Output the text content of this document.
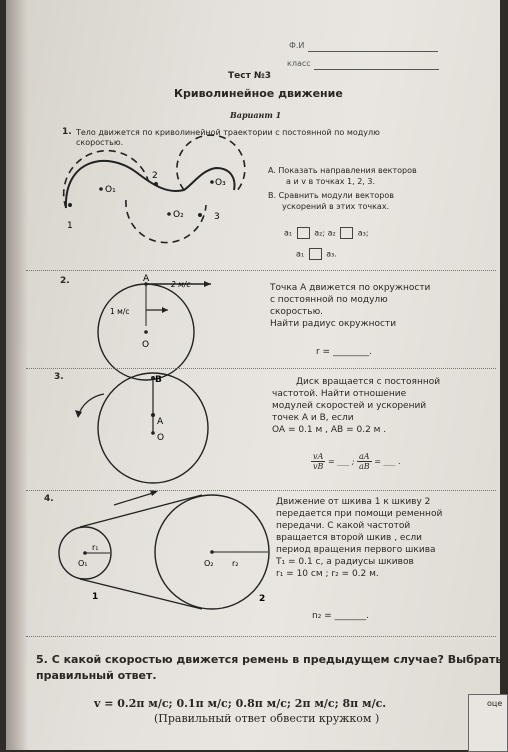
Ф.И
класс
Тест №3
Криволинейное движение
Вариант 1
1. Тело движется по криволинейной траектории с постоянной по модулю
скоростью.
O₁
O₃
O₂
1
2
3
A
O
2 м/с
1 м/с
B
A
O
r₁
O₁	O₂ r₂
1	2
A. Показать направления векторов
a и v в точках 1, 2, 3.
B. Сравнить модули векторов
ускорений в этих точках.
a₁	a₂; a₂	a₃;
a₁	a₃.
2.
Точка A движется по окружности
с постоянной по модулю
скоростью.
Найти радиус окружности
r = ________.
3.	Диск вращается с постоянной
частотой. Найти отношение
модулей скоростей и ускорений
точек A и B, если
OA = 0.1 м , AB = 0.2 м .
$\frac{vA}{vB}$ = ___ ; $\frac{aA}{aB}$ = ___ .
4.	Движение от шкива 1 к шкиву 2
передается при помощи ременной
передачи. С какой частотой
вращается второй шкив , если
период вращения первого шкива
T₁ = 0.1 с, а радиусы шкивов
r₁ = 10 см ; r₂ = 0.2 м.
n₂ = _______.
5. С какой скоростью движется ремень в предыдущем случае? Выбрать
правильный ответ.
v = 0.2π м/с; 0.1π м/с; 0.8π м/с; 2π м/с; 8π м/с.
(Правильный ответ обвести кружком )
оце
